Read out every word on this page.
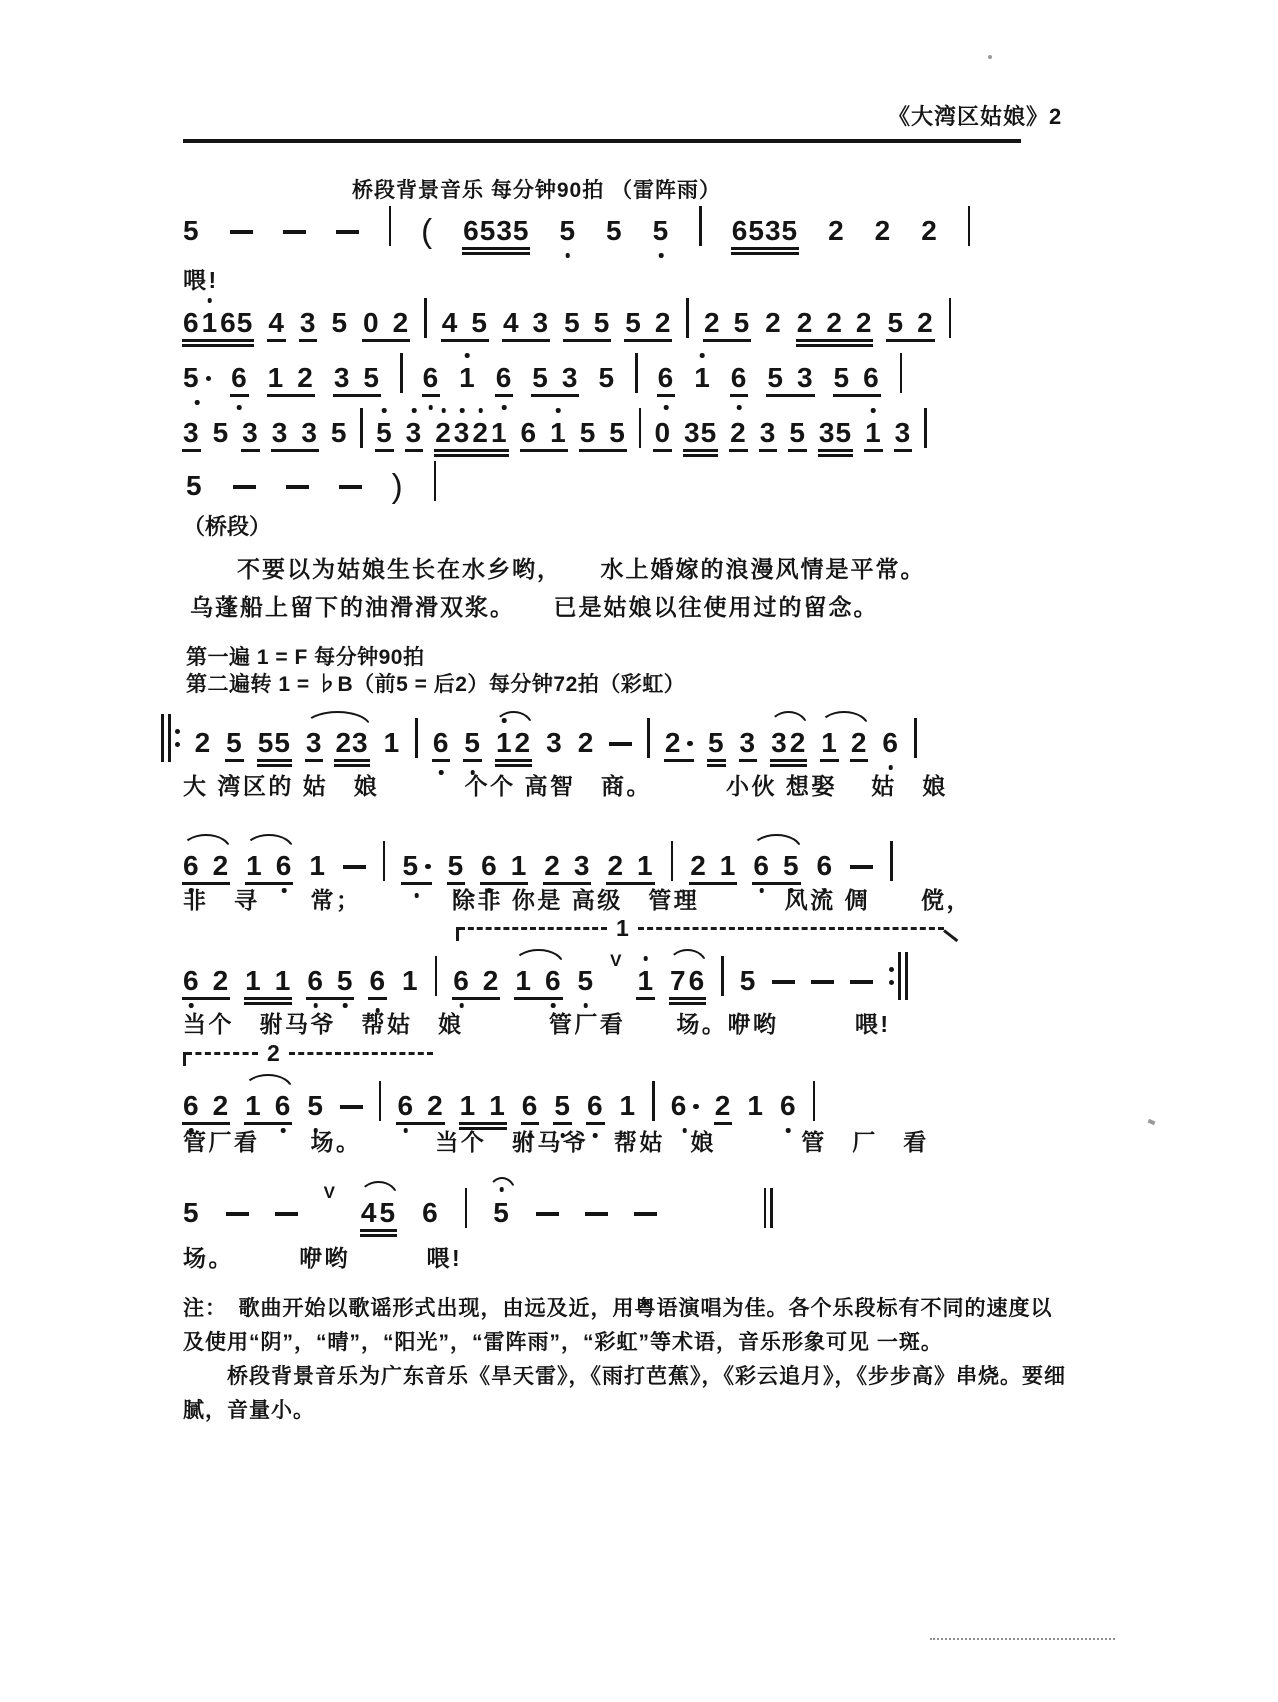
《大湾区姑娘》2
桥段背景音乐 每分钟90拍 （雷阵雨）
5	( 6535 5 5 5 6535 2 2 2
喂!
6 1 65 4 3 5 0 2 4 5 4 3 5 5 5 2 2 5 2 2 2 2 5 2
5 6 1 2 3 5 6 1 6 5 3 5 6 1 6 5 3 5 6
3 5 3 3 3 5 5 3 2 3 2 1 6 1 5 5 0 35 2 3 5 35 1 3
5	)
（桥段）
不要以为姑娘生长在水乡哟，　　水上婚嫁的浪漫风情是平常。
乌蓬船上留下的油滑滑双浆。　　已是姑娘以往使用过的留念。
第一遍 1 = F 每分钟90拍
第二遍转 1 = ♭B（前5 = 后2）每分钟72拍（彩虹）
2 5 55 3 23 1 6 5 1 2 3 2	2 5 3 3 2 1 2 6
大 湾区的 姑　娘　　　 个个 高智　商。　　　 小伙 想娶　 姑　娘
6 2 1 6 1	5 5 6 1 2 3 2 1 2 1 6 5 6
非　寻　　常；　　　　除非 你是 高级　管理　　　 风流 倜　　傥，
1
6 2 1 1 6 5 6 1 6 2 1 6 5
V
1 7 6 5
当个　驸马爷　帮姑　娘　　　 管厂看　　场。咿哟　　　喂!
2
6 2 1 6 5	6 2 1 1 6 5 6 1 6 2 1 6
管厂看　　场。　　　 当个　驸马爷　帮姑　娘　　　 管　厂　看
5
V
4 5 6 5
场。　　　咿哟　　　喂!
注：　歌曲开始以歌谣形式出现，由远及近，用粤语演唱为佳。各个乐段标有不同的速度以
及使用“阴”，“晴”，“阳光”，“雷阵雨”，“彩虹”等术语，音乐形象可见 一斑。
　　桥段背景音乐为广东音乐《旱天雷》，《雨打芭蕉》，《彩云追月》，《步步高》串烧。要细
腻，音量小。
